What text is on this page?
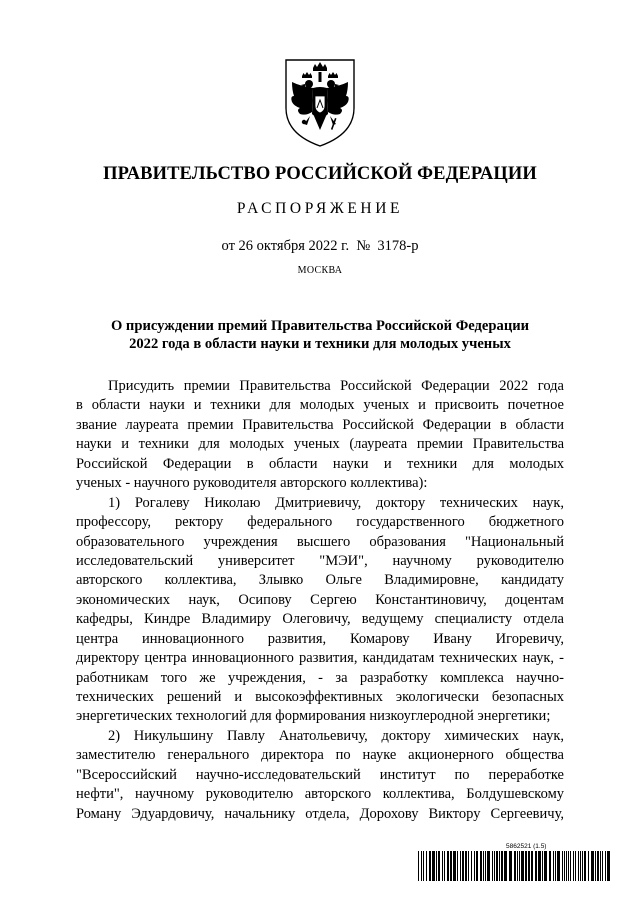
ПРАВИТЕЛЬСТВО РОССИЙСКОЙ ФЕДЕРАЦИИ
РАСПОРЯЖЕНИЕ
от 26 октября 2022 г.  №  3178-р
МОСКВА
О присуждении премий Правительства Российской Федерации
2022 года в области науки и техники для молодых ученых
Присудить премии Правительства Российской Федерации 2022 года
в области науки и техники для молодых ученых и присвоить почетное
звание лауреата премии Правительства Российской Федерации в области
науки и техники для молодых ученых (лауреата премии Правительства
Российской Федерации в области науки и техники для молодых
ученых - научного руководителя авторского коллектива):
1) Рогалеву Николаю Дмитриевичу, доктору технических наук,
профессору, ректору федерального государственного бюджетного
образовательного учреждения высшего образования "Национальный
исследовательский университет "МЭИ", научному руководителю
авторского коллектива, Злывко Ольге Владимировне, кандидату
экономических наук, Осипову Сергею Константиновичу, доцентам
кафедры, Киндре Владимиру Олеговичу, ведущему специалисту отдела
центра инновационного развития, Комарову Ивану Игоревичу,
директору центра инновационного развития, кандидатам технических наук, -
работникам того же учреждения, - за разработку комплекса научно-
технических решений и высокоэффективных экологически безопасных
энергетических технологий для формирования низкоуглеродной энергетики;
2) Никульшину Павлу Анатольевичу, доктору химических наук,
заместителю генерального директора по науке акционерного общества
"Всероссийский научно-исследовательский институт по переработке
нефти", научному руководителю авторского коллектива, Болдушевскому
Роману Эдуардовичу, начальнику отдела, Дорохову Виктору Сергеевичу,
5862521 (1.5)
